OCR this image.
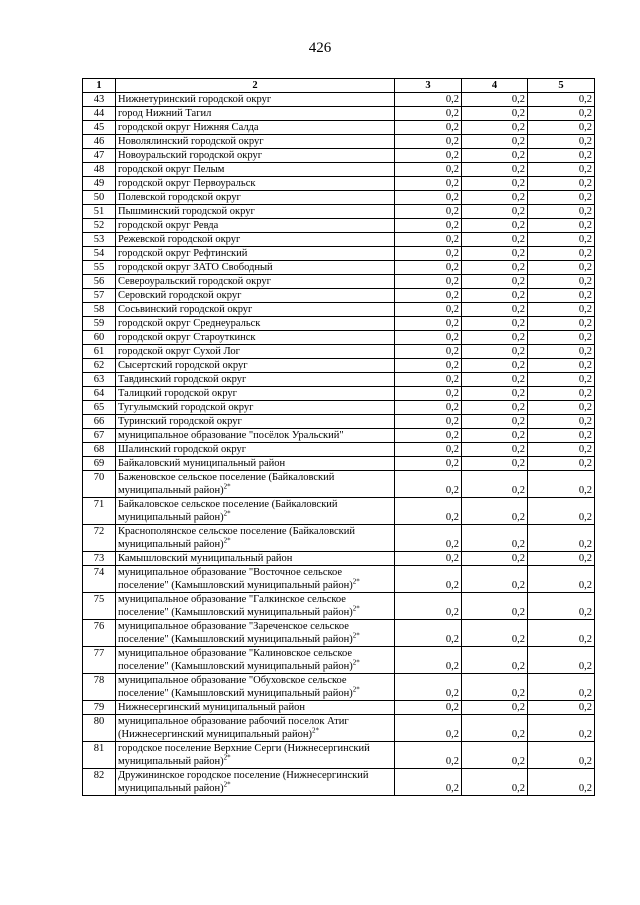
426
1	2	3	4	5
43	Нижнетуринский городской округ	0,2	0,2	0,2
44	город Нижний Тагил	0,2	0,2	0,2
45	городской округ Нижняя Салда	0,2	0,2	0,2
46	Новолялинский городской округ	0,2	0,2	0,2
47	Новоуральский городской округ	0,2	0,2	0,2
48	городской округ Пелым	0,2	0,2	0,2
49	городской округ Первоуральск	0,2	0,2	0,2
50	Полевской городской округ	0,2	0,2	0,2
51	Пышминский городской округ	0,2	0,2	0,2
52	городской округ Ревда	0,2	0,2	0,2
53	Режевской городской округ	0,2	0,2	0,2
54	городской округ Рефтинский	0,2	0,2	0,2
55	городской округ ЗАТО Свободный	0,2	0,2	0,2
56	Североуральский городской округ	0,2	0,2	0,2
57	Серовский городской округ	0,2	0,2	0,2
58	Сосьвинский городской округ	0,2	0,2	0,2
59	городской округ Среднеуральск	0,2	0,2	0,2
60	городской округ Староуткинск	0,2	0,2	0,2
61	городской округ Сухой Лог	0,2	0,2	0,2
62	Сысертский городской округ	0,2	0,2	0,2
63	Тавдинский городской округ	0,2	0,2	0,2
64	Талицкий городской округ	0,2	0,2	0,2
65	Тугулымский городской округ	0,2	0,2	0,2
66	Туринский городской округ	0,2	0,2	0,2
67	муниципальное образование "посёлок Уральский"	0,2	0,2	0,2
68	Шалинский городской округ	0,2	0,2	0,2
69	Байкаловский муниципальный район	0,2	0,2	0,2
70	Баженовское сельское поселение (Байкаловский
муниципальный район)$^{2*}$	0,2	0,2	0,2
71	Байкаловское сельское поселение (Байкаловский
муниципальный район)$^{2*}$	0,2	0,2	0,2
72	Краснополянское сельское поселение (Байкаловский
муниципальный район)$^{2*}$	0,2	0,2	0,2
73	Камышловский муниципальный район	0,2	0,2	0,2
74	муниципальное образование "Восточное сельское
поселение" (Камышловский муниципальный район)$^{2*}$	0,2	0,2	0,2
75	муниципальное образование "Галкинское сельское
поселение" (Камышловский муниципальный район)$^{2*}$	0,2	0,2	0,2
76	муниципальное образование "Зареченское сельское
поселение" (Камышловский муниципальный район)$^{2*}$	0,2	0,2	0,2
77	муниципальное образование "Калиновское сельское
поселение" (Камышловский муниципальный район)$^{2*}$	0,2	0,2	0,2
78	муниципальное образование "Обуховское сельское
поселение" (Камышловский муниципальный район)$^{2*}$	0,2	0,2	0,2
79	Нижнесергинский муниципальный район	0,2	0,2	0,2
80	муниципальное образование рабочий поселок Атиг
(Нижнесергинский муниципальный район)$^{2*}$	0,2	0,2	0,2
81	городское поселение Верхние Серги (Нижнесергинский
муниципальный район)$^{2*}$	0,2	0,2	0,2
82	Дружининское городское поселение (Нижнесергинский
муниципальный район)$^{2*}$	0,2	0,2	0,2
